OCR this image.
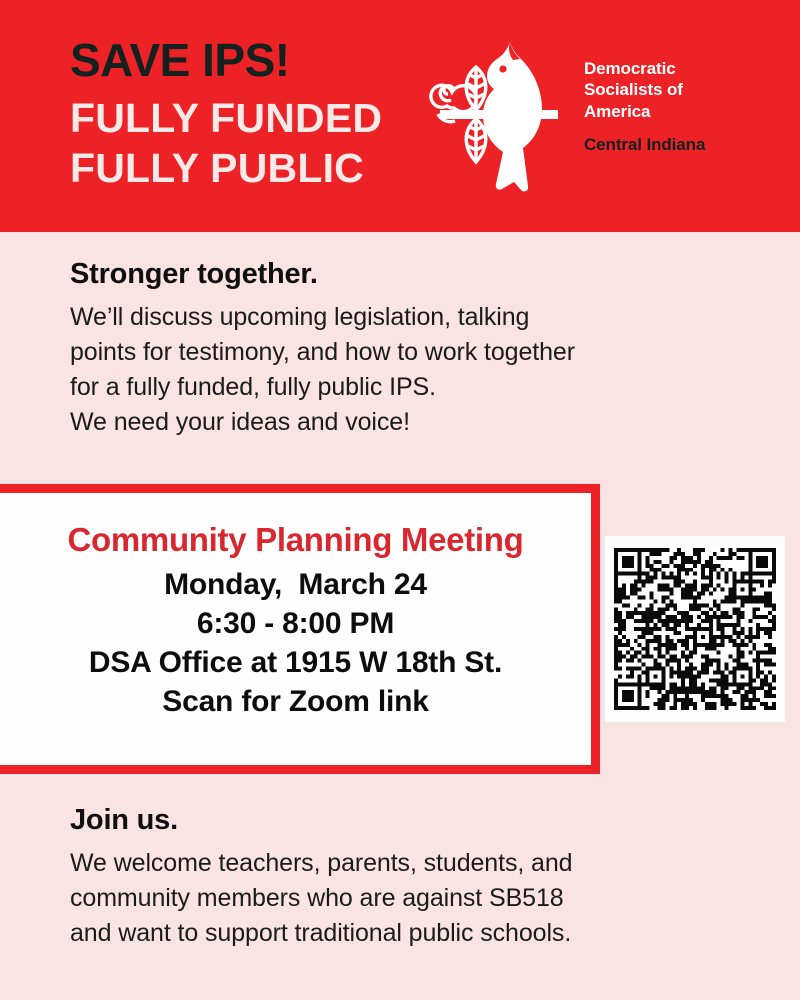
SAVE IPS!
FULLY FUNDED
FULLY PUBLIC
Democratic
Socialists of
America
Central Indiana
Stronger together.
We’ll discuss upcoming legislation, talking
points for testimony, and how to work together
for a fully funded, fully public IPS.
We need your ideas and voice!
Community Planning Meeting
Monday,  March 24
6:30 - 8:00 PM
DSA Office at 1915 W 18th St.
Scan for Zoom link
Join us.
We welcome teachers, parents, students, and
community members who are against SB518
and want to support traditional public schools.
